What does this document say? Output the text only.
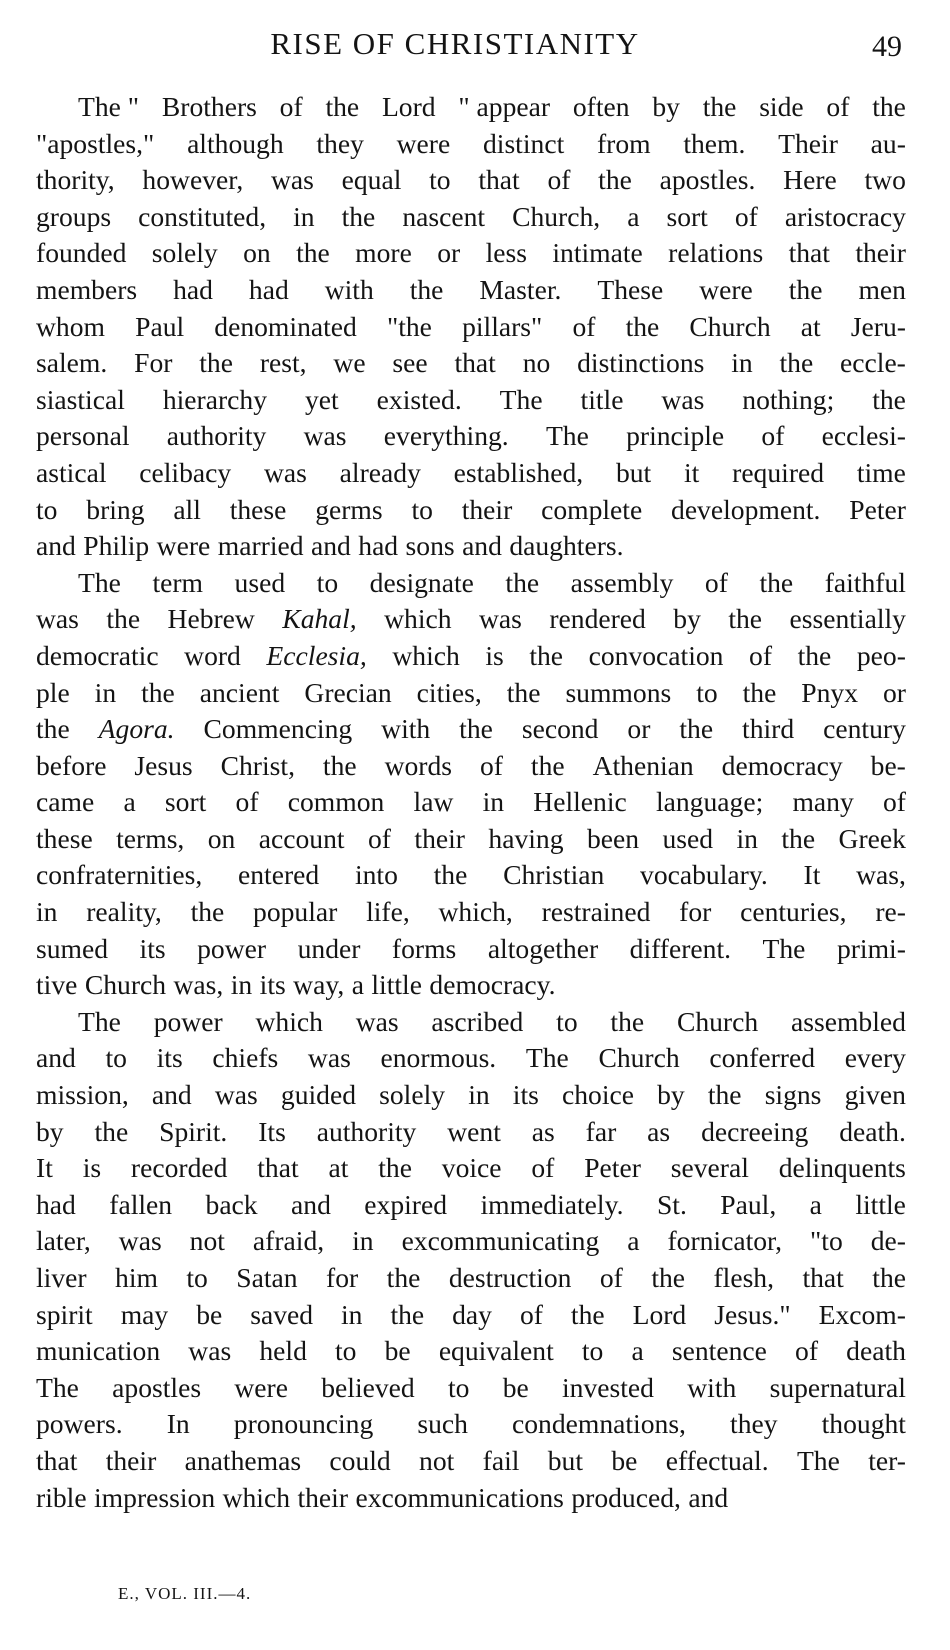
RISE OF CHRISTIANITY	49
The " Brothers of the Lord " appear often by the side of the
"apostles," although they were distinct from them. Their au-
thority, however, was equal to that of the apostles. Here two
groups constituted, in the nascent Church, a sort of aristocracy
founded solely on the more or less intimate relations that their
members had had with the Master. These were the men
whom Paul denominated "the pillars" of the Church at Jeru-
salem. For the rest, we see that no distinctions in the eccle-
siastical hierarchy yet existed. The title was nothing; the
personal authority was everything. The principle of ecclesi-
astical celibacy was already established, but it required time
to bring all these germs to their complete development. Peter
and Philip were married and had sons and daughters.
The term used to designate the assembly of the faithful
was the Hebrew Kahal, which was rendered by the essentially
democratic word Ecclesia, which is the convocation of the peo-
ple in the ancient Grecian cities, the summons to the Pnyx or
the Agora. Commencing with the second or the third century
before Jesus Christ, the words of the Athenian democracy be-
came a sort of common law in Hellenic language; many of
these terms, on account of their having been used in the Greek
confraternities, entered into the Christian vocabulary. It was,
in reality, the popular life, which, restrained for centuries, re-
sumed its power under forms altogether different. The primi-
tive Church was, in its way, a little democracy.
The power which was ascribed to the Church assembled
and to its chiefs was enormous. The Church conferred every
mission, and was guided solely in its choice by the signs given
by the Spirit. Its authority went as far as decreeing death.
It is recorded that at the voice of Peter several delinquents
had fallen back and expired immediately. St. Paul, a little
later, was not afraid, in excommunicating a fornicator, "to de-
liver him to Satan for the destruction of the flesh, that the
spirit may be saved in the day of the Lord Jesus." Excom-
munication was held to be equivalent to a sentence of death
The apostles were believed to be invested with supernatural
powers. In pronouncing such condemnations, they thought
that their anathemas could not fail but be effectual. The ter-
rible impression which their excommunications produced, and
E., VOL. III.—4.
